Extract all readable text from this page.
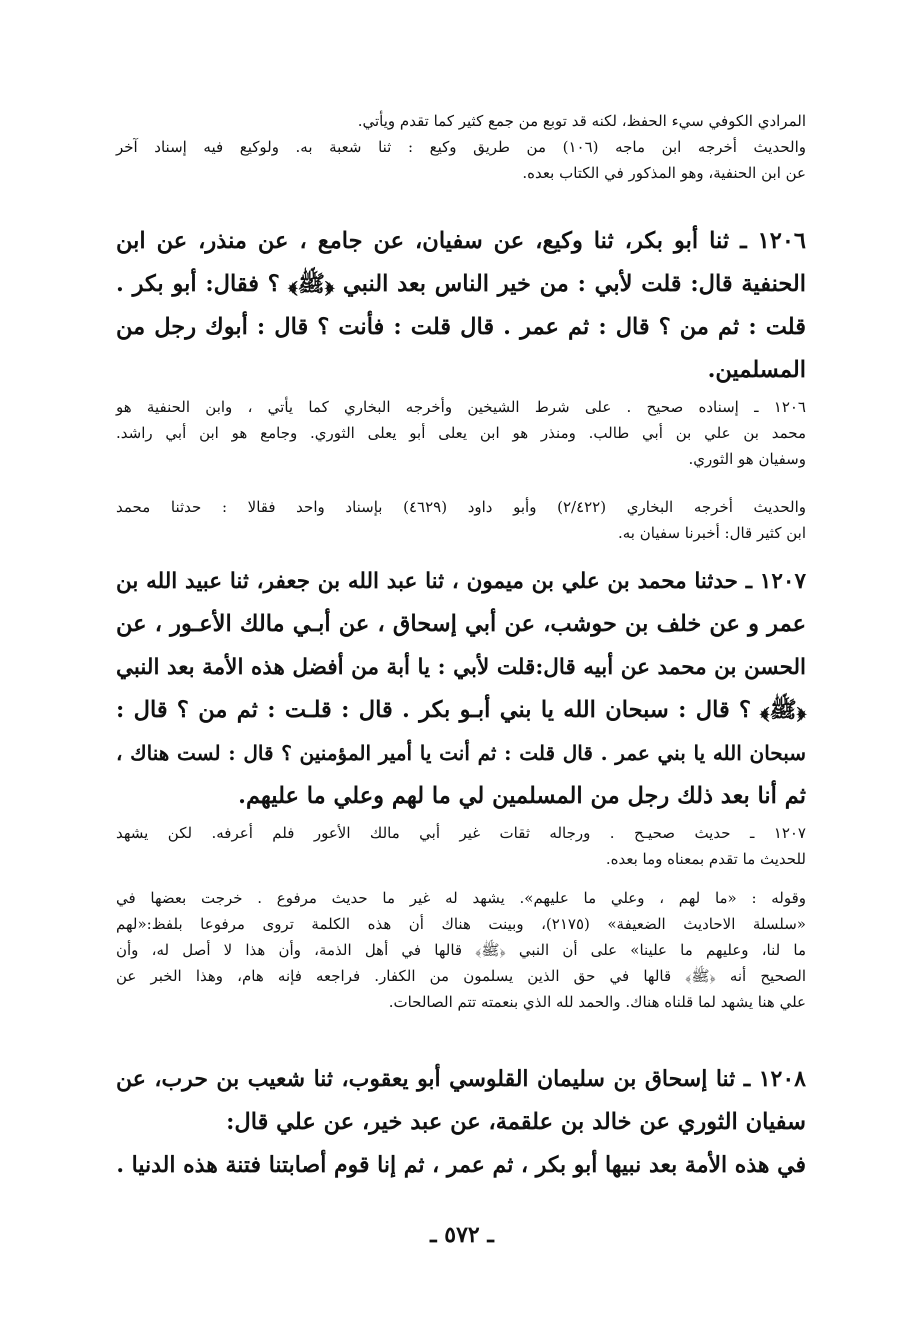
المرادي الكوفي سيء الحفظ، لكنه قد توبع من جمع كثير كما تقدم ويأتي.
والحديث أخرجه ابن ماجه (١٠٦) من طريق وكيع : ثنا شعبة به. ولوكيع فيه إسناد آخر
عن ابن الحنفية، وهو المذكور في الكتاب بعده.
١٢٠٦ ـ ثنا أبو بكر، ثنا وكيع، عن سفيان، عن جامع ، عن منذر، عن ابن
الحنفية قال: قلت لأبي : من خير الناس بعد النبي ﴿ﷺ﴾ ؟ فقال: أبو بكر .
قلت : ثم من ؟ قال : ثم عمر . قال قلت : فأنت ؟ قال : أبوك رجل من
المسلمين.
١٢٠٦ ـ إسناده صحيح . على شرط الشيخين وأخرجه البخاري كما يأتي ، وابن الحنفية هو
محمد بن علي بن أبي طالب. ومنذر هو ابن يعلى أبو يعلى الثوري. وجامع هو ابن أبي راشد.
وسفيان هو الثوري.
والحديث أخرجه البخاري (٢/٤٢٢) وأبو داود (٤٦٢٩) بإسناد واحد فقالا : حدثنا محمد
ابن كثير قال: أخبرنا سفيان به.
١٢٠٧ ـ حدثنا محمد بن علي بن ميمون ، ثنا عبد الله بن جعفر، ثنا عبيد الله بن
عمر و عن خلف بن حوشب، عن أبي إسحاق ، عن أبـي مالك الأعـور ، عن
الحسن بن محمد عن أبيه قال:قلت لأبي : يا أبة من أفضل هذه الأمة بعد النبي
﴿ﷺ﴾ ؟ قال : سبحان الله يا بني أبـو بكر . قال : قلـت : ثم من ؟ قال :
سبحان الله يا بني عمر . قال قلت : ثم أنت يا أمير المؤمنين ؟ قال : لست هناك ،
ثم أنا بعد ذلك رجل من المسلمين لي ما لهم وعلي ما عليهم.
١٢٠٧ ـ حديث صحيـح . ورجاله ثقات غير أبي مالك الأعور فلم أعرفه. لكن يشهد
للحديث ما تقدم بمعناه وما بعده.
وقوله : «ما لهم ، وعلي ما عليهم». يشهد له غير ما حديث مرفوع . خرجت بعضها في
«سلسلة الاحاديث الضعيفة» (٢١٧٥)، وبينت هناك أن هذه الكلمة تروى مرفوعا بلفظ:«لهم
ما لنا، وعليهم ما علينا» على أن النبي ﴿ﷺ﴾ قالها في أهل الذمة، وأن هذا لا أصل له، وأن
الصحيح أنه ﴿ﷺ﴾ قالها في حق الذين يسلمون من الكفار. فراجعه فإنه هام، وهذا الخبر عن
علي هنا يشهد لما قلناه هناك. والحمد لله الذي بنعمته تتم الصالحات.
١٢٠٨ ـ ثنا إسحاق بن سليمان القلوسي أبو يعقوب، ثنا شعيب بن حرب، عن
سفيان الثوري عن خالد بن علقمة، عن عبد خير، عن علي قال:
في هذه الأمة بعد نبيها أبو بكر ، ثم عمر ، ثم إنا قوم أصابتنا فتنة هذه الدنيا .
ـ ٥٧٢ ـ
